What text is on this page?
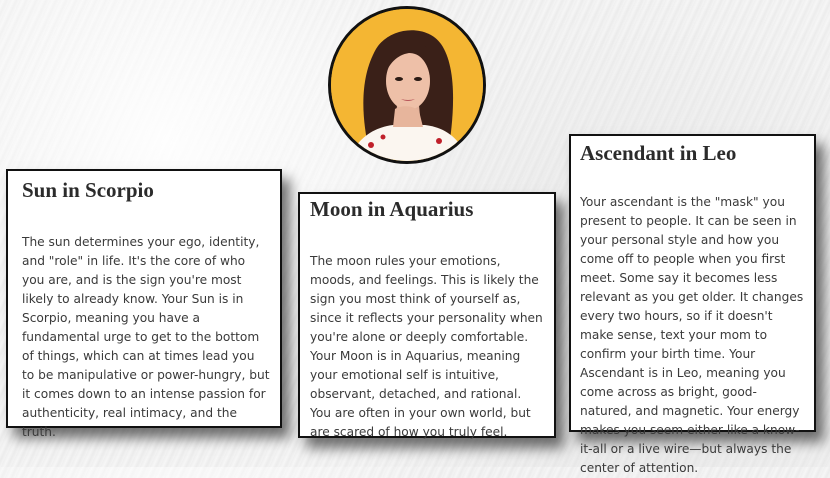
Sun in Scorpio

The sun determines your ego, identity, and "role" in life. It's the core of who you are, and is the sign you're most likely to already know. Your Sun is in Scorpio, meaning you have a fundamental urge to get to the bottom of things, which can at times lead you to be manipulative or power-hungry, but it comes down to an intense passion for authenticity, real intimacy, and the truth.

Moon in Aquarius

The moon rules your emotions, moods, and feelings. This is likely the sign you most think of yourself as, since it reflects your personality when you're alone or deeply comfortable. Your Moon is in Aquarius, meaning your emotional self is intuitive, observant, detached, and rational. You are often in your own world, but are scared of how you truly feel.

Ascendant in Leo

Your ascendant is the "mask" you present to people. It can be seen in your personal style and how you come off to people when you first meet. Some say it becomes less relevant as you get older. It changes every two hours, so if it doesn't make sense, text your mom to confirm your birth time. Your Ascendant is in Leo, meaning you come across as bright, good-natured, and magnetic. Your energy makes you seem either like a know-it-all or a live wire—but always the center of attention.
